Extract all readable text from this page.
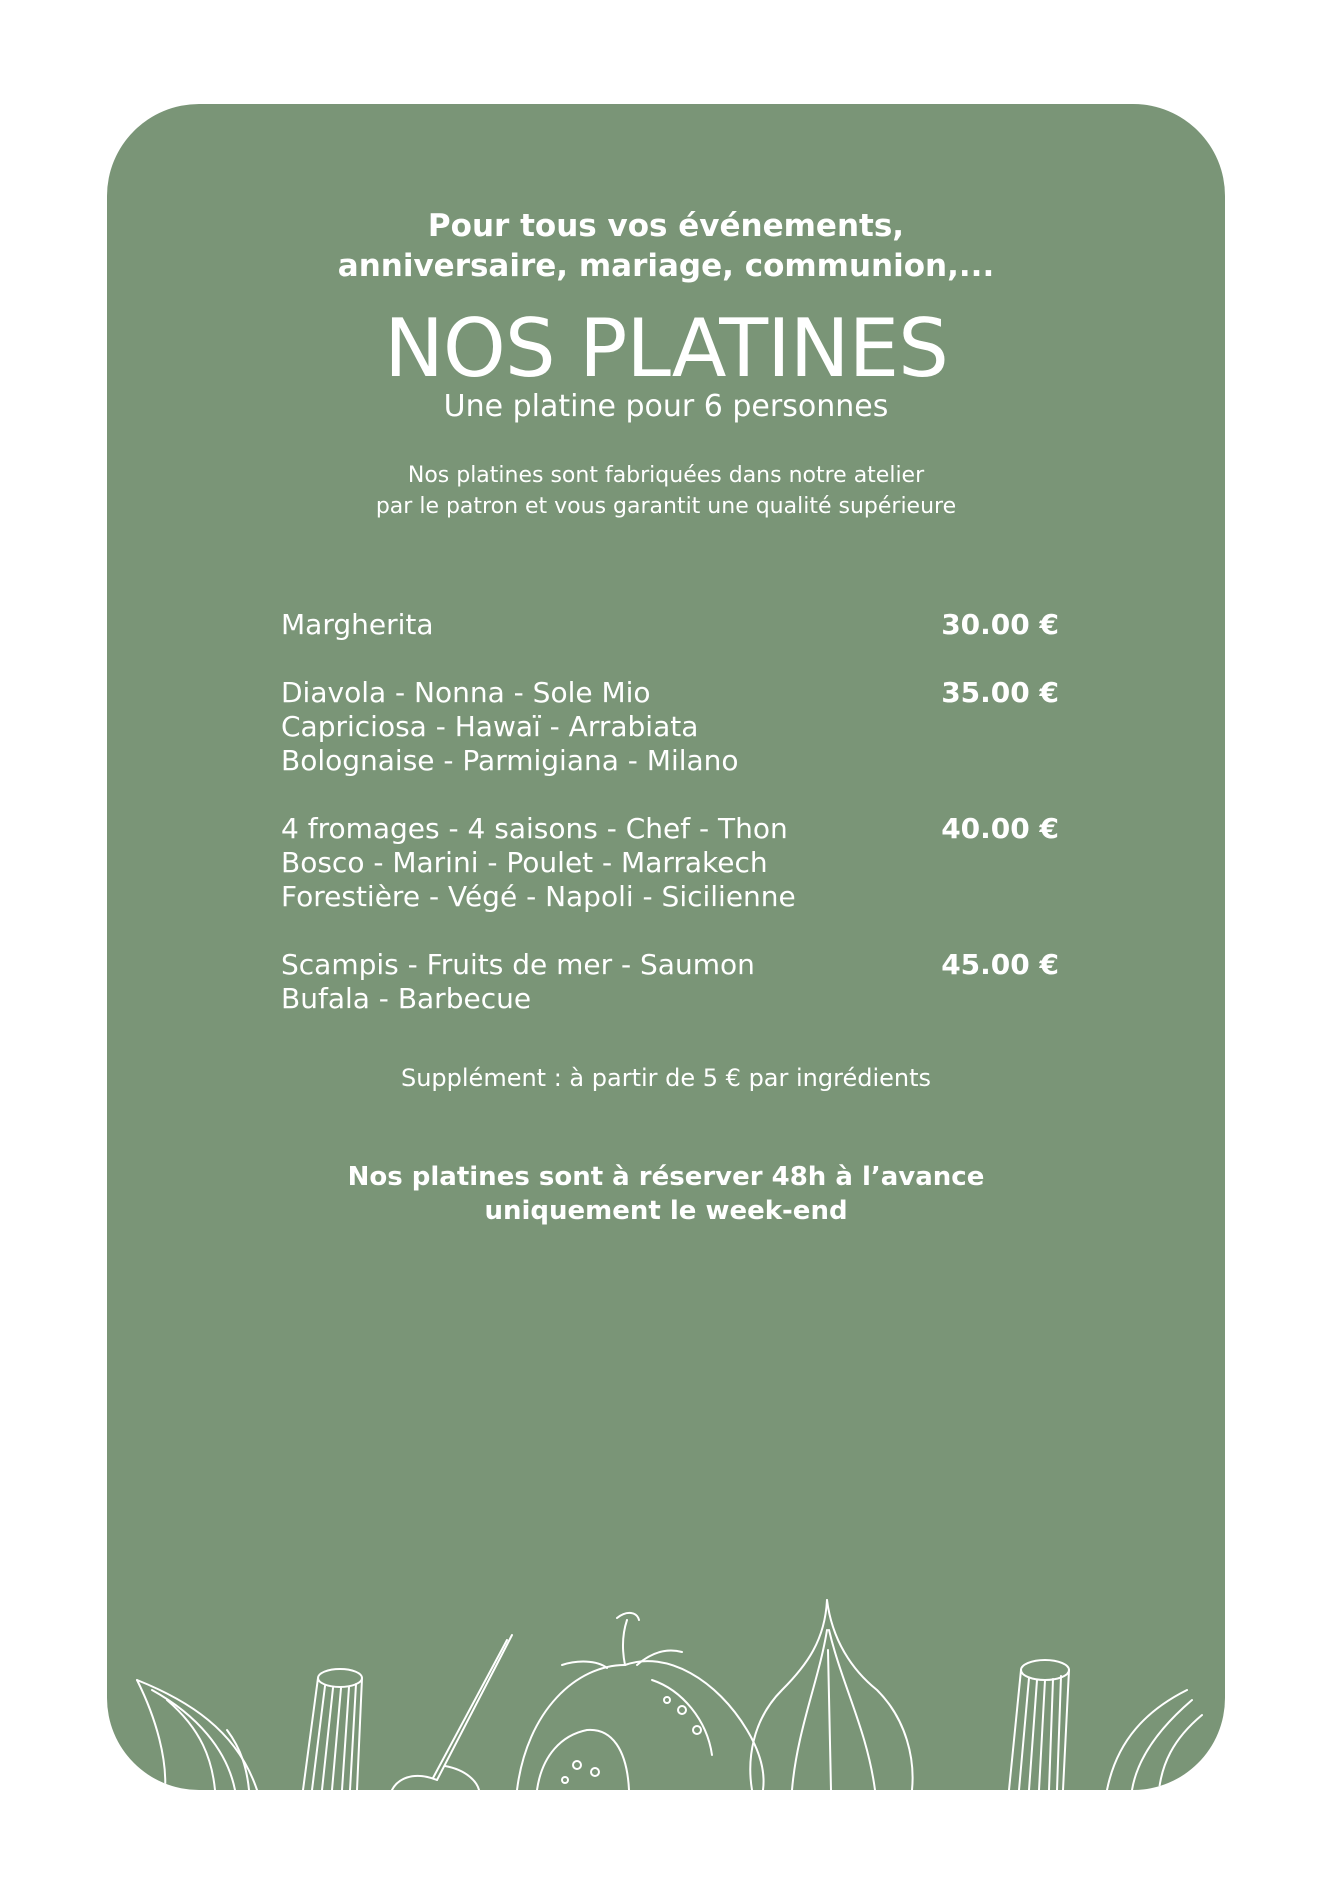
Pour tous vos événements,
anniversaire, mariage, communion,...
NOS PLATINES
Une platine pour 6 personnes
Nos platines sont fabriquées dans notre atelier
par le patron et vous garantit une qualité supérieure
Margherita	30.00 €
Diavola - Nonna - Sole Mio
Capriciosa - Hawaï - Arrabiata
Bolognaise - Parmigiana - Milano
35.00 €
4 fromages - 4 saisons - Chef - Thon
Bosco - Marini - Poulet - Marrakech
Forestière - Végé - Napoli - Sicilienne
40.00 €
Scampis - Fruits de mer - Saumon
Bufala - Barbecue
45.00 €
Supplément : à partir de 5 € par ingrédients
Nos platines sont à réserver 48h à l’avance
uniquement le week-end
